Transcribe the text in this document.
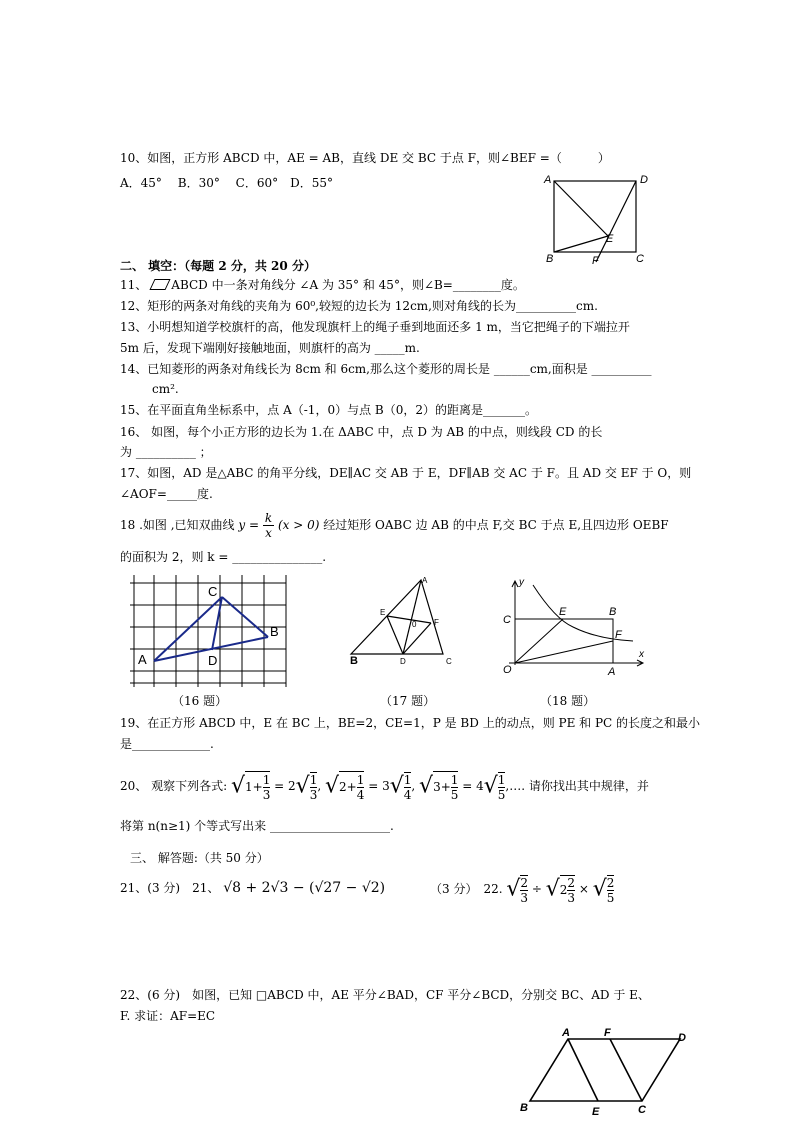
10、如图，正方形 ABCD 中，AE = AB，直线 DE 交 BC 于点 F，则∠BEF =（　　　）
A．45°　 B．30°　 C．60°　D．55°	A	D
B	C
E
F
二、 填空：（每题 2 分，共 20 分）
11、 ABCD 中一条对角线分 ∠A 为 35° 和 45°，则∠B=________度。
12、矩形的两条对角线的夹角为 60⁰,较短的边长为 12cm,则对角线的长为__________cm.
13、小明想知道学校旗杆的高，他发现旗杆上的绳子垂到地面还多 1 m，当它把绳子的下端拉开
5m 后，发现下端刚好接触地面，则旗杆的高为 _____m.
14、已知菱形的两条对角线长为 8cm 和 6cm,那么这个菱形的周长是 ______cm,面积是 __________
cm².
15、在平面直角坐标系中，点 A（-1，0）与点 B（0，2）的距离是_______。
16、 如图，每个小正方形的边长为 1.在 ΔABC 中，点 D 为 AB 的中点，则线段 CD 的长
为 __________ ；
17、如图，AD 是△ABC 的角平分线，DE∥AC 交 AB 于 E，DF∥AB 交 AC 于 F。且 AD 交 EF 于 O，则
∠AOF=_____度.
18 .如图 ,已知双曲线 $y = \frac{k}{x} (x > 0)$ 经过矩形 OABC 边 AB 的中点 F,交 BC 于点 E,且四边形 OEBF
的面积为 2，则 k = _______________.
C
B
A	D
A
E
F
0
B	D	C
y
x
C
E	B
F
O	A
（16 题）	（17 题）	（18 题）
19、在正方形 ABCD 中，E 在 BC 上，BE=2，CE=1，P 是 BD 上的动点，则 PE 和 PC 的长度之和最小
是_____________.
20、 观察下列各式: $√1+ \frac{1}{3} = 2√ \frac{1}{3}$ , $√2+ \frac{1}{4} = 3√ \frac{1}{4}$ , $√3+ \frac{1}{5} = 4√ \frac{1}{5}$ ,…. 请你找出其中规律，并
将第 n(n≥1) 个等式写出来 ____________________.
三、 解答题:（共 50 分）
21、(3 分)　21、 √8 + 2√3 − (√27 − √2)	（3 分）　22. √ $\frac{2}{3} \div √2 \frac{2}{3}$ × √ $\frac{2}{5}$
22、(6 分)　如图，已知 □ABCD 中，AE 平分∠BAD，CF 平分∠BCD，分别交 BC、AD 于 E、
F. 求证：AF=EC
A	F	D
B	E	C
